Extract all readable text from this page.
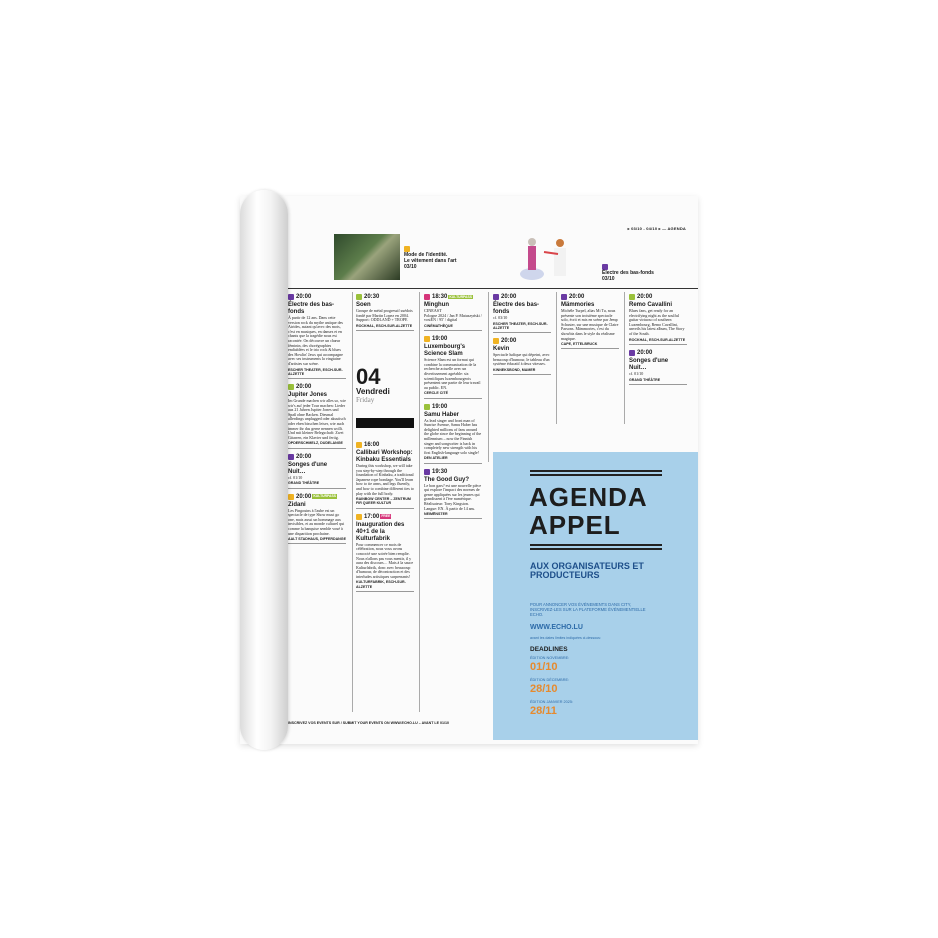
▸ 03/10 - 04/10 ▸ — AGENDA

Mode de l'identité.
Le vêtement dans l'art
03/10

Électre des bas-fonds
03/10
20:00
Électre des bas-fonds
À partir de 12 ans. Dans cette version rock du mythe antique des Atrides, autant qu'avec des mots, c'est en musiques, en danses et en chants que la tragédie nous est racontée. On découvre un chœur féminin, des chorégraphies endiablées et le trio rock & blues des Howlin' Jaws qui accompagne avec ses instruments la vingtaine d'artistes sur scène.
ESCHER THEATER, ESCH-SUR-ALZETTE
20:00
Jupiter Jones
Im Grunde machen wir alles so, wie wir's auf jeder Tour machen: Lieder aus 21 Jahren Jupiter Jones und Spaß ohne Backen. Diesmal allerdings unplugged oder akustisch oder eben bisschen leiser, wie auch immer ihr das gerne nennen wollt. Und mit kleiner Belegschaft: Zwei Gitarren, ein Klavier und fertig.
OPDERSCHMELZ, DUDELANGE
20:00
Songes d'une Nuit…
cf. 01/10
GRAND THÉÂTRE
20:00 KULTURPASS
Zidani
Les Pingouins à l'aube est un spectacle de type Show must go one, mais aussi un hommage aux invisibles, et au monde culturel qui comme la banquise semble voué à une disparition prochaine.
AALT STADHAUS, DIFFERDANGE
20:30
Soen
Groupe de métal progressif suédois fondé par Martin Lopez en 2004. Support: ODDLAND + TROPE
ROCKHAL, ESCH-SUR-ALZETTE
04
Vendredi
Friday
16:00
Callibari Workshop: Kinbaku Essentials
During this workshop, we will take you step-by-step through the foundation of Kinbaku, a traditional Japanese rope bondage. You'll learn how to tie arms, and legs fluently, and how to combine different ties to play with the full body.
RAINBOW CENTER – ZENTRUM FIR QUEER KULTUR
17:00 FREE
Inauguration des 40+1 de la Kulturfabrik
Pour commencer ce mois de célébration, nous vous avons concocté une soirée bien remplie. Nous n'allons pas vous mentir, il y aura des discours… Mais à la sauce Kulturfabrik, donc avec beaucoup d'humour, de décontraction et des interludes artistiques surprenants!
KULTURFABRIK, ESCH-SUR-ALZETTE
18:30 KULTURPASS
Minghun
CINEAST
Pologne 2024 / Jan P. Matuszyński / vostEN / 95' / digital
CINÉMATHÈQUE
19:00
Luxembourg's Science Slam
Science Slam est un format qui combine la communication de la recherche actuelle avec un divertissement agréable: six scientifiques luxembourgeois présentent une partie de leur travail au public. EN.
CERCLE CITÉ
19:00
Samu Haber
As lead singer and front man of Sunrise Avenue, Samu Haber has delighted millions of fans around the globe since the beginning of the millennium – now the Finnish singer and songwriter is back in completely new strength with his first English-language solo single!
DEN ATELIER
19:30
The Good Guy?
Le bon gars? est une nouvelle pièce qui explore l'impact des normes de genre appliquées sur les jeunes qui grandissent à l'ère numérique. Réalisateur: Tony Kingston. Langue: EN. À partir de 14 ans.
NEIMËNSTER
20:00
Électre des bas-fonds
cf. 03/10
ESCHER THEATER, ESCH-SUR-ALZETTE
20:00
Kevin
Spectacle ludique qui dépeint, avec beaucoup d'humour, le tableau d'un système éducatif à deux vitesses.
KINNEKSBOND, MAMER
20:00
Mämmories
Michèle Turpel, alias Mi Tu, nous présente son troisième spectacle solo, écrit et mis en scène par Jemp Schuster, sur une musique de Claire Parsons. Mämmories, c'est du showbiz dans le style du réalisme magique.
CAPE, ETTELBRUCK
20:00
Remo Cavallini
Blues fans, get ready for an electrifying night as the soulful guitar virtuoso of southern Luxembourg, Remo Cavallini, unveils his latest album, The Story of the South.
ROCKHAL, ESCH-SUR-ALZETTE
20:00
Songes d'une Nuit…
cf. 01/10
GRAND THÉÂTRE
AGENDA
APPEL
AUX ORGANISATEURS ET PRODUCTEURS
POUR ANNONCER VOS ÉVÉNEMENTS DANS CITY, INSCRIVEZ-LES SUR LA PLATEFORME ÉVÉNEMENTIELLE ECHO.
WWW.ECHO.LU
avant les dates limites indiquées ci-dessous:
DEADLINES
ÉDITION NOVEMBRE:
01/10
ÉDITION DÉCEMBRE:
28/10
ÉDITION JANVIER 2025:
28/11
INSCRIVEZ VOS EVENTS SUR / SUBMIT YOUR EVENTS ON WWW.ECHO.LU – AVANT LE 01/10
